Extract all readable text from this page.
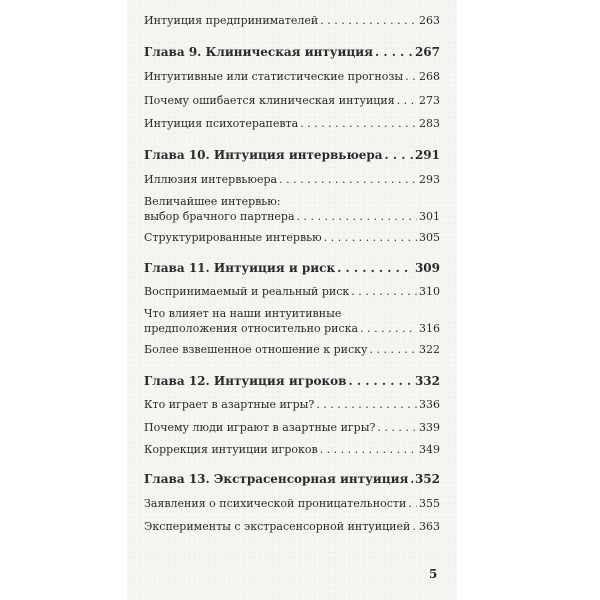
Интуиция предпринимателей . . .	263
Глава 9. Клиническая интуиция . . .	267
Интуитивные или статистические прогнозы . . . 268
Почему ошибается клиническая интуиция . . . 273
Интуиция психотерапевта . . .	283
Глава 10. Интуиция интервьюера . . .	291
Иллюзия интервьюера . . .	293
Величайшее интервью:
выбор брачного партнера . . .	301
Структурированные интервью . . .	305
Глава 11. Интуиция и риск . . .	309
Воспринимаемый и реальный риск . . .	310
Что влияет на наши интуитивные
предположения относительно риска . . .	316
Более взвешенное отношение к риску . . .	322
Глава 12. Интуиция игроков . . .	332
Кто играет в азартные игры? . . .	336
Почему люди играют в азартные игры? . . .	339
Коррекция интуиции игроков . . .	349
Глава 13. Экстрасенсорная интуиция . . . 352
Заявления о психической проницательности . . . 355
Эксперименты с экстрасенсорной интуицией . . . 363
5
